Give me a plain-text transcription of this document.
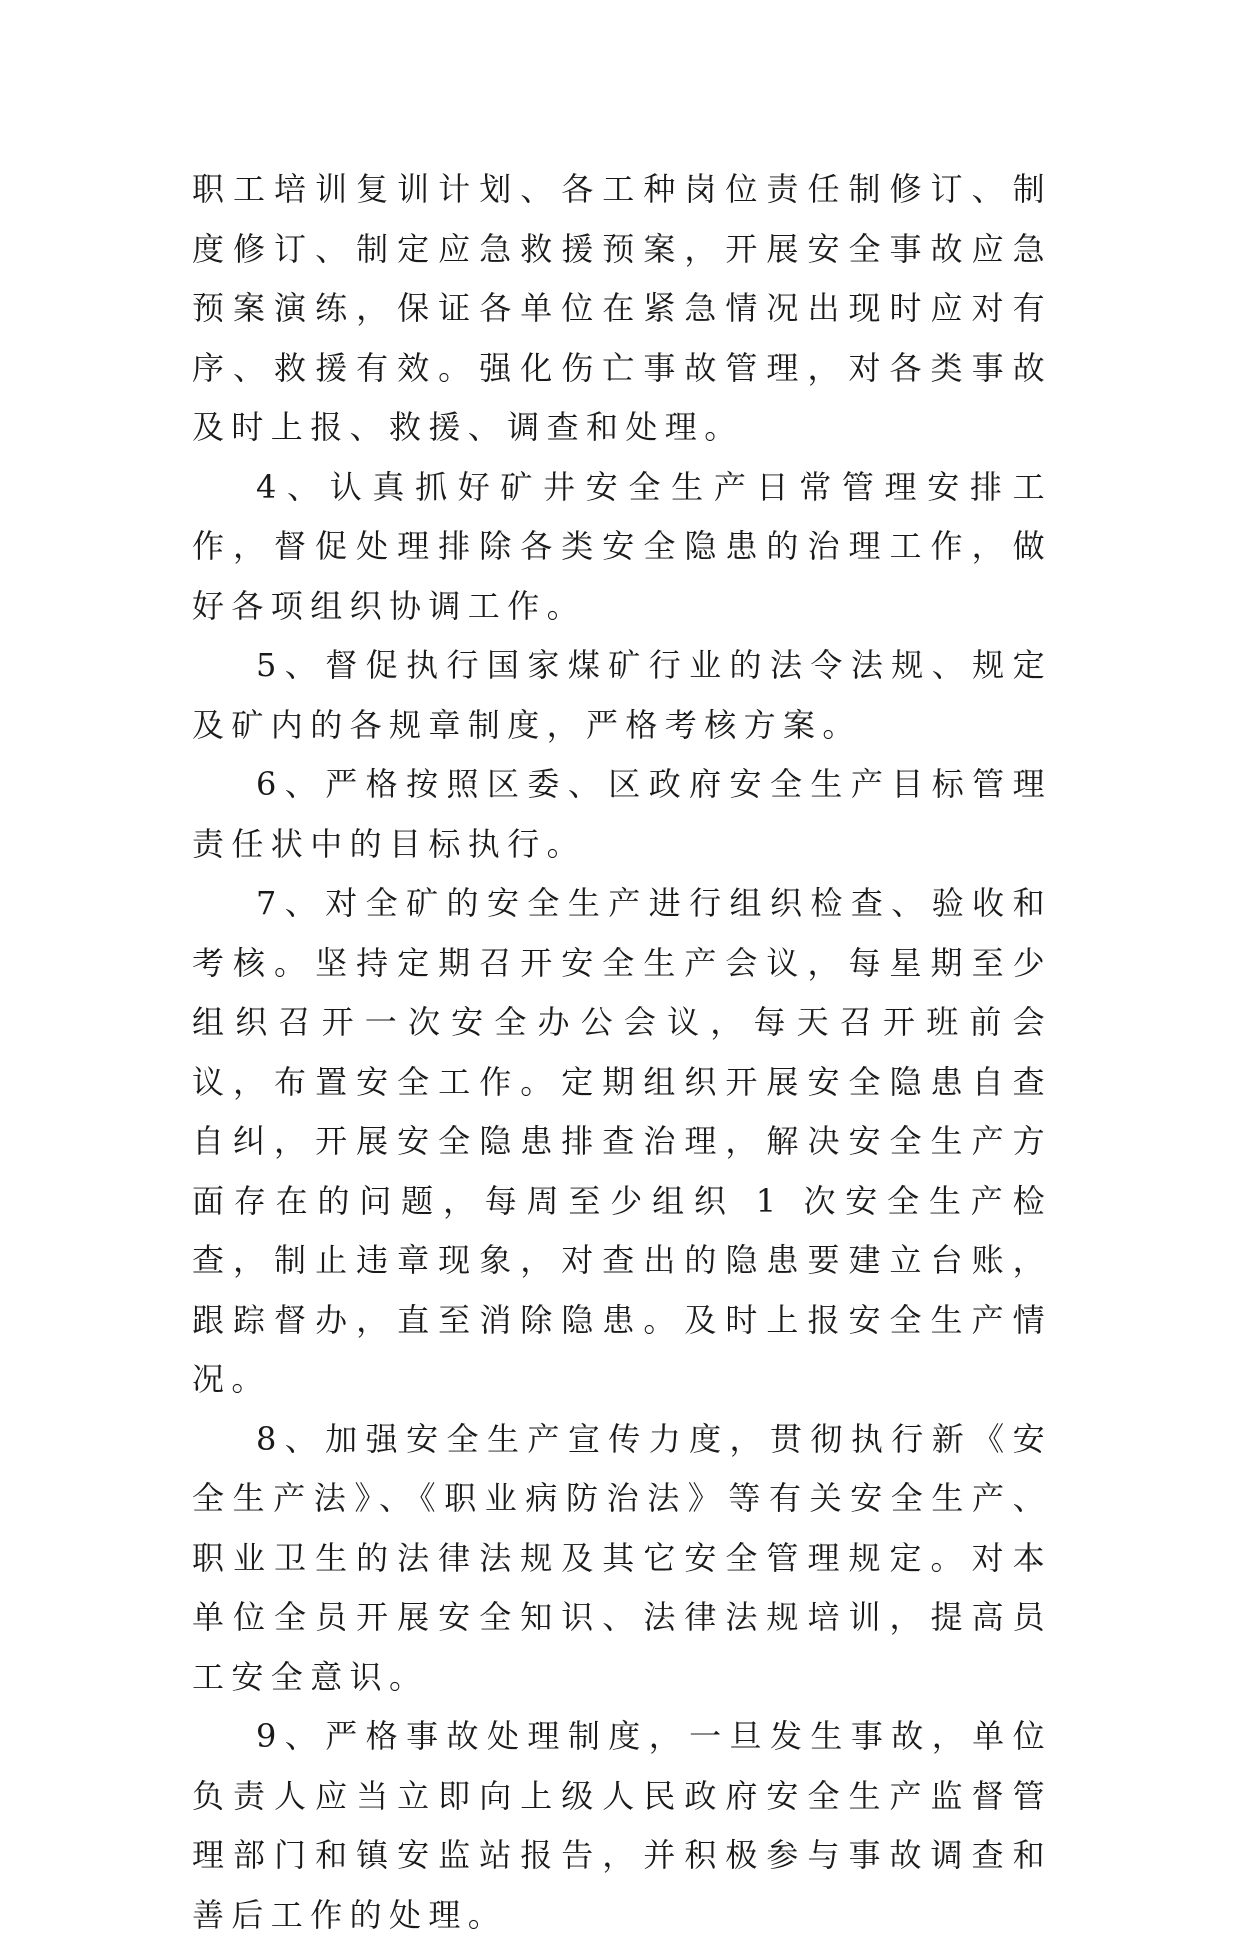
职工培训复训计划、各工种岗位责任制修订、制度修订、制定应急救援预案，开展安全事故应急预案演练，保证各单位在紧急情况出现时应对有序、救援有效。强化伤亡事故管理，对各类事故及时上报、救援、调查和处理。

4、认真抓好矿井安全生产日常管理安排工作，督促处理排除各类安全隐患的治理工作，做好各项组织协调工作。

5、督促执行国家煤矿行业的法令法规、规定及矿内的各规章制度，严格考核方案。

6、严格按照区委、区政府安全生产目标管理责任状中的目标执行。

7、对全矿的安全生产进行组织检查、验收和考核。坚持定期召开安全生产会议，每星期至少组织召开一次安全办公会议，每天召开班前会议，布置安全工作。定期组织开展安全隐患自查自纠，开展安全隐患排查治理，解决安全生产方面存在的问题，每周至少组织 1 次安全生产检查，制止违章现象，对查出的隐患要建立台账，跟踪督办，直至消除隐患。及时上报安全生产情况。

8、加强安全生产宣传力度，贯彻执行新《安全生产法》、《职业病防治法》等有关安全生产、职业卫生的法律法规及其它安全管理规定。对本单位全员开展安全知识、法律法规培训，提高员工安全意识。

9、严格事故处理制度，一旦发生事故，单位负责人应当立即向上级人民政府安全生产监督管理部门和镇安监站报告，并积极参与事故调查和善后工作的处理。
